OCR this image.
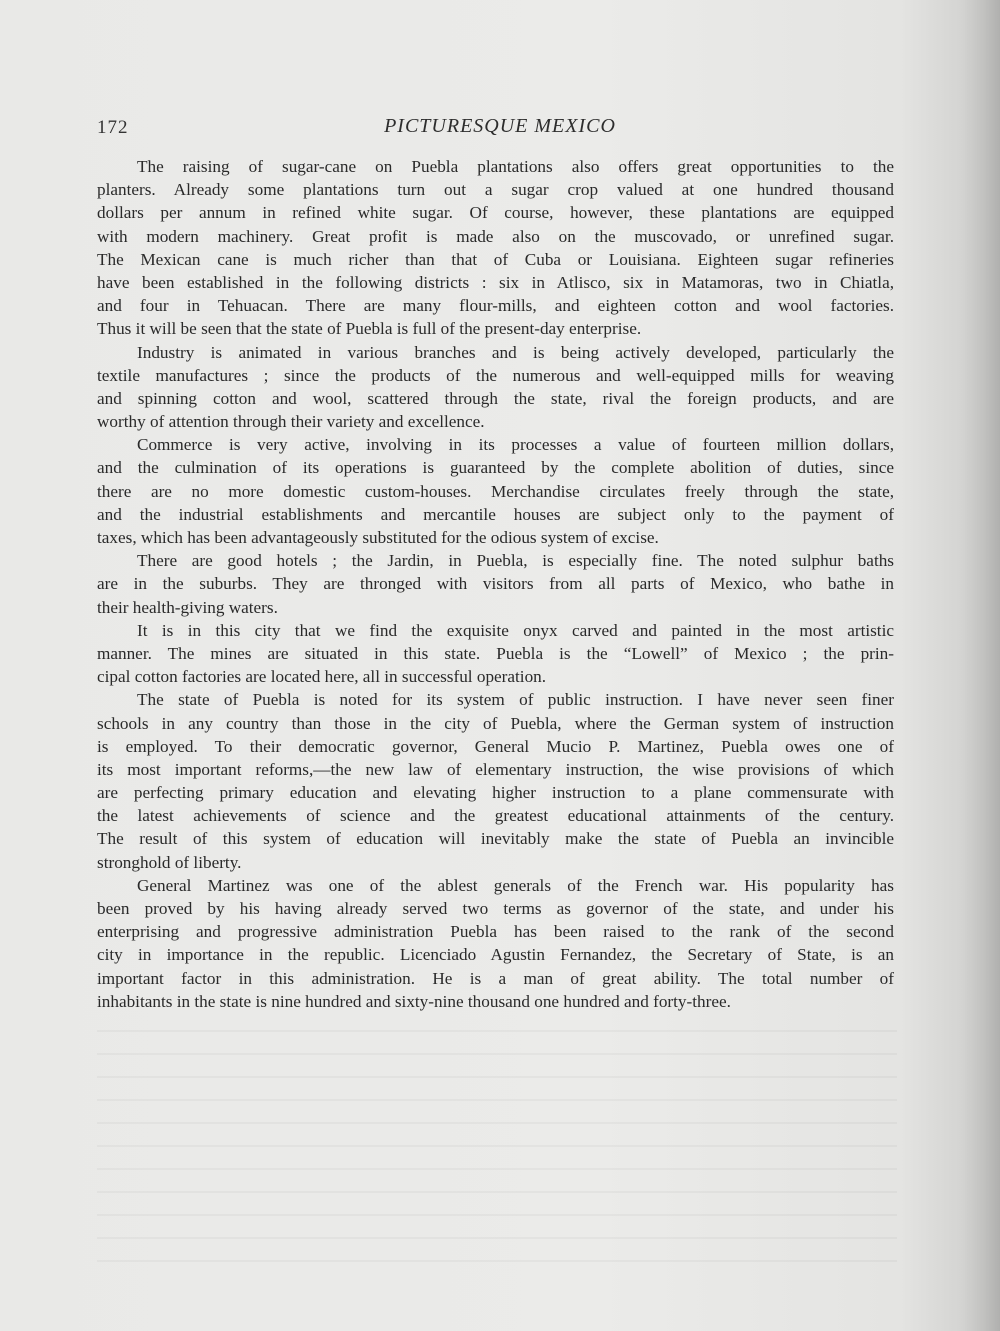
172	PICTURESQUE MEXICO
The raising of sugar-cane on Puebla plantations also offers great opportunities to the
planters. Already some plantations turn out a sugar crop valued at one hundred thousand
dollars per annum in refined white sugar. Of course, however, these plantations are equipped
with modern machinery. Great profit is made also on the muscovado, or unrefined sugar.
The Mexican cane is much richer than that of Cuba or Louisiana. Eighteen sugar refineries
have been established in the following districts : six in Atlisco, six in Matamoras, two in Chiatla,
and four in Tehuacan. There are many flour-mills, and eighteen cotton and wool factories.
Thus it will be seen that the state of Puebla is full of the present-day enterprise.
Industry is animated in various branches and is being actively developed, particularly the
textile manufactures ; since the products of the numerous and well-equipped mills for weaving
and spinning cotton and wool, scattered through the state, rival the foreign products, and are
worthy of attention through their variety and excellence.
Commerce is very active, involving in its processes a value of fourteen million dollars,
and the culmination of its operations is guaranteed by the complete abolition of duties, since
there are no more domestic custom-houses. Merchandise circulates freely through the state,
and the industrial establishments and mercantile houses are subject only to the payment of
taxes, which has been advantageously substituted for the odious system of excise.
There are good hotels ; the Jardin, in Puebla, is especially fine. The noted sulphur baths
are in the suburbs. They are thronged with visitors from all parts of Mexico, who bathe in
their health-giving waters.
It is in this city that we find the exquisite onyx carved and painted in the most artistic
manner. The mines are situated in this state. Puebla is the “Lowell” of Mexico ; the prin-
cipal cotton factories are located here, all in successful operation.
The state of Puebla is noted for its system of public instruction. I have never seen finer
schools in any country than those in the city of Puebla, where the German system of instruction
is employed. To their democratic governor, General Mucio P. Martinez, Puebla owes one of
its most important reforms,—the new law of elementary instruction, the wise provisions of which
are perfecting primary education and elevating higher instruction to a plane commensurate with
the latest achievements of science and the greatest educational attainments of the century.
The result of this system of education will inevitably make the state of Puebla an invincible
stronghold of liberty.
General Martinez was one of the ablest generals of the French war. His popularity has
been proved by his having already served two terms as governor of the state, and under his
enterprising and progressive administration Puebla has been raised to the rank of the second
city in importance in the republic. Licenciado Agustin Fernandez, the Secretary of State, is an
important factor in this administration. He is a man of great ability. The total number of
inhabitants in the state is nine hundred and sixty-nine thousand one hundred and forty-three.
